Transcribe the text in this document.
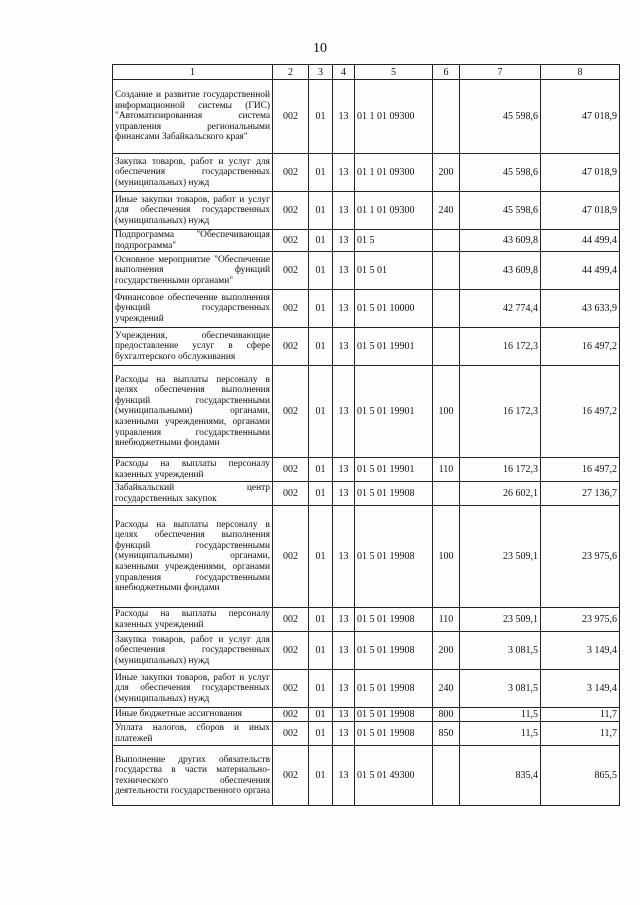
10
1	2	3	4	5	6	7	8
Создание и развитие государственной информационной системы (ГИС) "Автоматизированная система управления региональными финансами Забайкальского края"	002	01	13	01 1 01 09300		45 598,6	47 018,9
Закупка товаров, работ и услуг для обеспечения государственных (муниципальных) нужд	002	01	13	01 1 01 09300	200	45 598,6	47 018,9
Иные закупки товаров, работ и услуг для обеспечения государственных (муниципальных) нужд	002	01	13	01 1 01 09300	240	45 598,6	47 018,9
Подпрограмма "Обеспечивающая подпрограмма"	002	01	13	01 5		43 609,8	44 499,4
Основное мероприятие "Обеспечение выполнения функций государственными органами"	002	01	13	01 5 01		43 609,8	44 499,4
Финансовое обеспечение выполнения функций государственных учреждений	002	01	13	01 5 01 10000		42 774,4	43 633,9
Учреждения, обеспечивающие предоставление услуг в сфере бухгалтерского обслуживания	002	01	13	01 5 01 19901		16 172,3	16 497,2
Расходы на выплаты персоналу в целях обеспечения выполнения функций государственными (муниципальными) органами, казенными учреждениями, органами управления государственными внебюджетными фондами	002	01	13	01 5 01 19901	100	16 172,3	16 497,2
Расходы на выплаты персоналу казенных учреждений	002	01	13	01 5 01 19901	110	16 172,3	16 497,2
Забайкальский центр государственных закупок	002	01	13	01 5 01 19908		26 602,1	27 136,7
Расходы на выплаты персоналу в целях обеспечения выполнения функций государственными (муниципальными) органами, казенными учреждениями, органами управления государственными внебюджетными фондами	002	01	13	01 5 01 19908	100	23 509,1	23 975,6
Расходы на выплаты персоналу казенных учреждений	002	01	13	01 5 01 19908	110	23 509,1	23 975,6
Закупка товаров, работ и услуг для обеспечения государственных (муниципальных) нужд	002	01	13	01 5 01 19908	200	3 081,5	3 149,4
Иные закупки товаров, работ и услуг для обеспечения государственных (муниципальных) нужд	002	01	13	01 5 01 19908	240	3 081,5	3 149,4
Иные бюджетные ассигнования	002	01	13	01 5 01 19908	800	11,5	11,7
Уплата налогов, сборов и иных платежей	002	01	13	01 5 01 19908	850	11,5	11,7
Выполнение других обязательств государства в части материально-технического обеспечения деятельности государственного органа	002	01	13	01 5 01 49300		835,4	865,5
